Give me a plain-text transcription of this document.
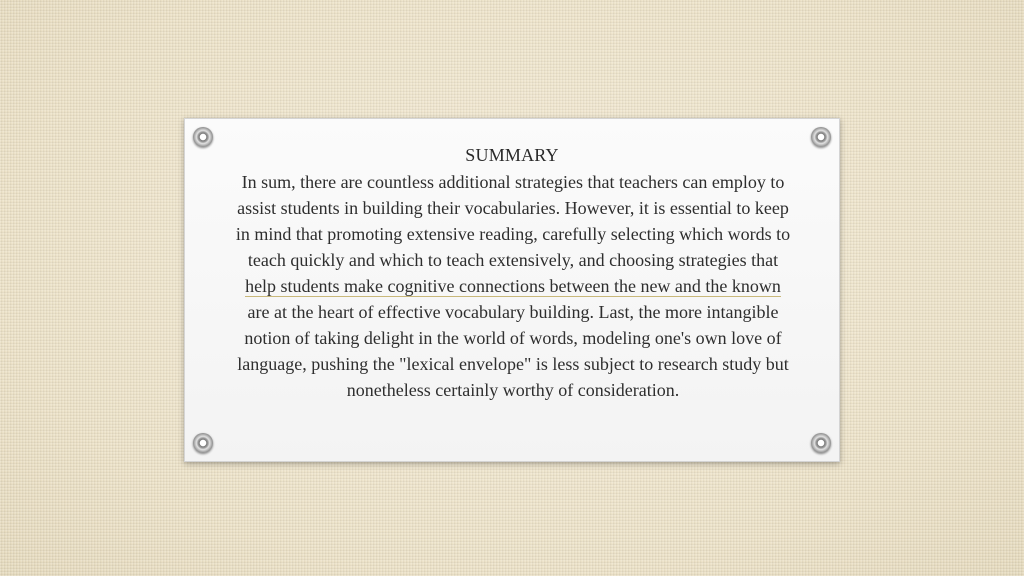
SUMMARY
In sum, there are countless additional strategies that teachers can employ to
assist students in building their vocabularies. However, it is essential to keep
in mind that promoting extensive reading, carefully selecting which words to
teach quickly and which to teach extensively, and choosing strategies that
help students make cognitive connections between the new and the known
are at the heart of effective vocabulary building. Last, the more intangible
notion of taking delight in the world of words, modeling one's own love of
language, pushing the "lexical envelope" is less subject to research study but
nonetheless certainly worthy of consideration.
